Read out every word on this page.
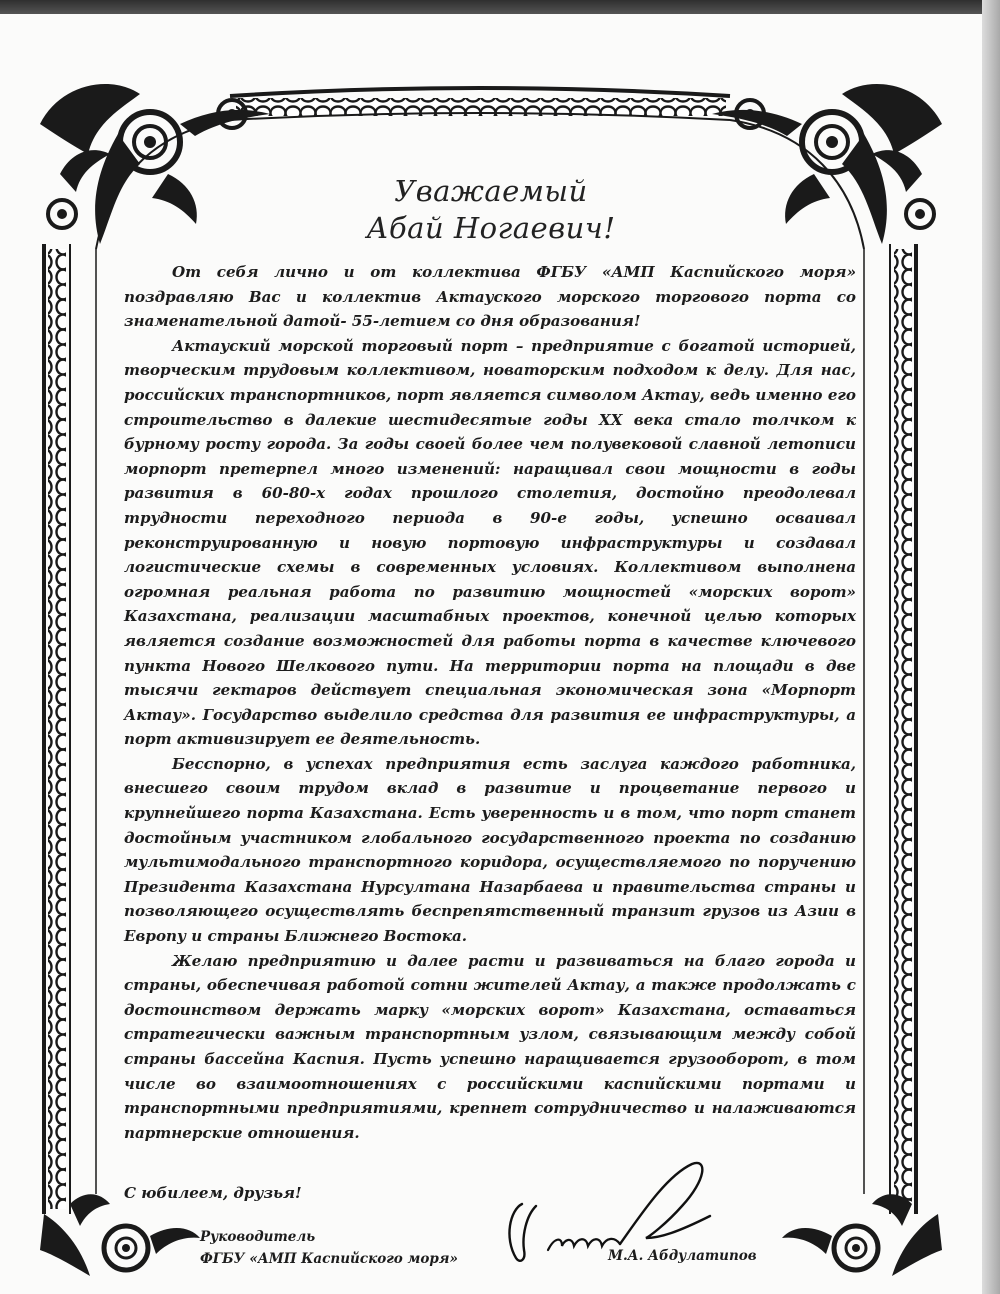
Уважаемый
Абай Ногаевич!

От себя лично и от коллектива ФГБУ «АМП Каспийского моря» поздравляю Вас и коллектив Актауского морского торгового порта со знаменательной датой- 55-летием со дня образования!

Актауский морской торговый порт – предприятие с богатой историей, творческим трудовым коллективом, новаторским подходом к делу. Для нас, российских транспортников, порт является символом Актау, ведь именно его строительство в далекие шестидесятые годы ХХ века стало толчком к бурному росту города. За годы своей более чем полувековой славной летописи морпорт претерпел много изменений: наращивал свои мощности в годы развития в 60-80-х годах прошлого столетия, достойно преодолевал трудности переходного периода в 90-е годы, успешно осваивал реконструированную и новую портовую инфраструктуры и создавал логистические схемы в современных условиях. Коллективом выполнена огромная реальная работа по развитию мощностей «морских ворот» Казахстана, реализации масштабных проектов, конечной целью которых является создание возможностей для работы порта в качестве ключевого пункта Нового Шелкового пути. На территории порта на площади в две тысячи гектаров действует специальная экономическая зона «Морпорт Актау». Государство выделило средства для развития ее инфраструктуры, а порт активизирует ее деятельность.

Бесспорно, в успехах предприятия есть заслуга каждого работника, внесшего своим трудом вклад в развитие и процветание первого и крупнейшего порта Казахстана. Есть уверенность и в том, что порт станет достойным участником глобального государственного проекта по созданию мультимодального транспортного коридора, осуществляемого по поручению Президента Казахстана Нурсултана Назарбаева и правительства страны и позволяющего осуществлять беспрепятственный транзит грузов из Азии в Европу и страны Ближнего Востока.

Желаю предприятию и далее расти и развиваться на благо города и страны, обеспечивая работой сотни жителей Актау, а также продолжать с достоинством держать марку «морских ворот» Казахстана, оставаться стратегически важным транспортным узлом, связывающим между собой страны бассейна Каспия. Пусть успешно наращивается грузооборот, в том числе во взаимоотношениях с российскими каспийскими портами и транспортными предприятиями, крепнет сотрудничество и налаживаются партнерские отношения.

С юбилеем, друзья!
Руководитель
ФГБУ «АМП Каспийского моря»	М.А. Абдулатипов
